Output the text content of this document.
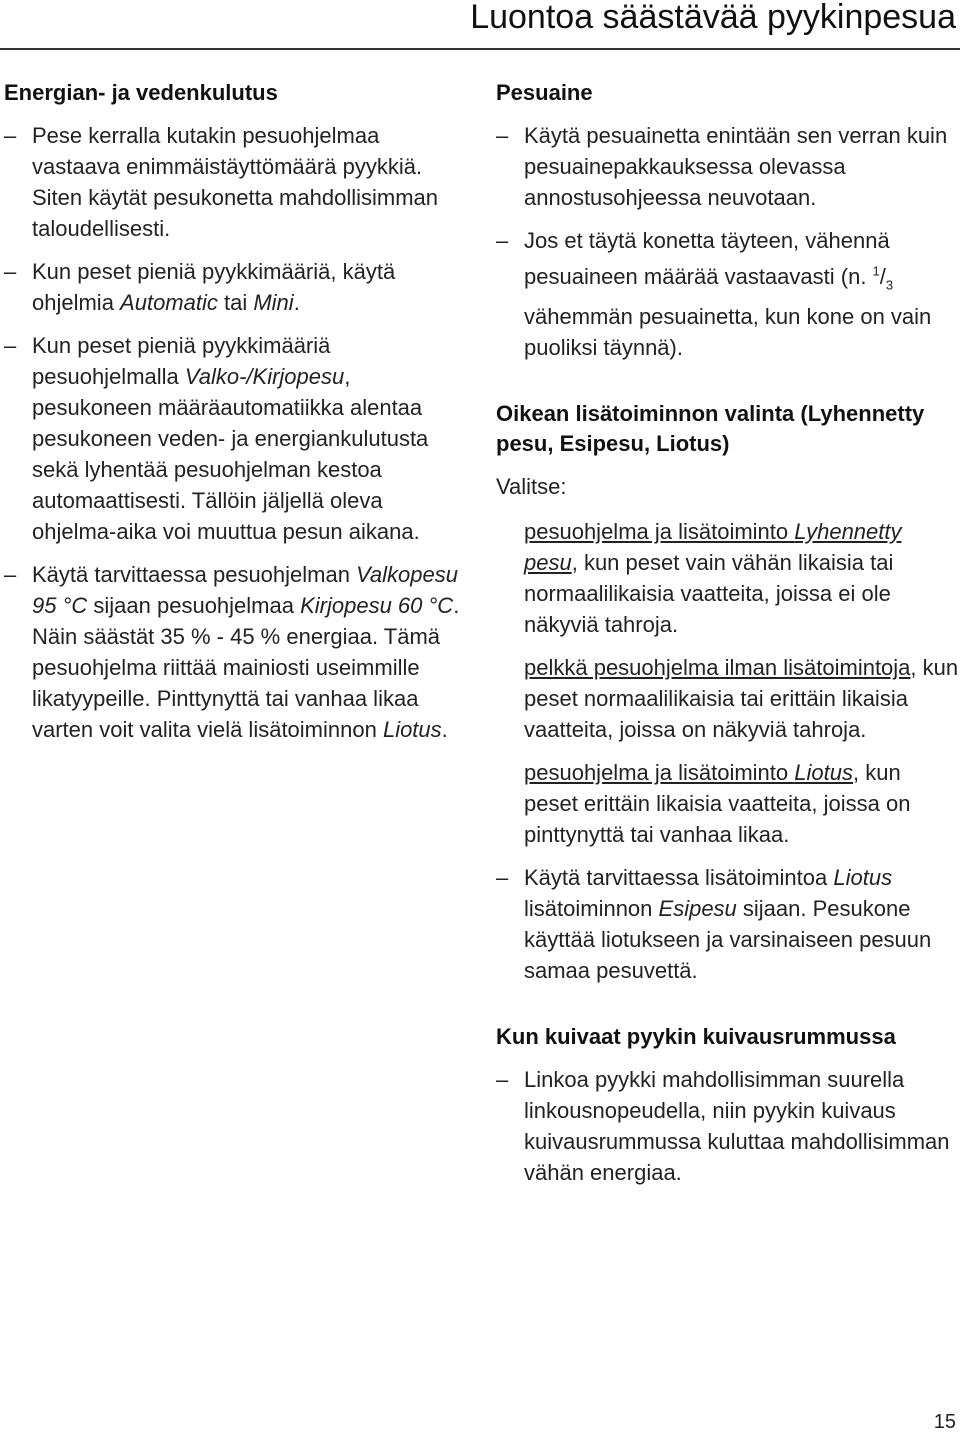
Luontoa säästävää pyykinpesua
Energian- ja vedenkulutus
– Pese kerralla kutakin pesuohjelmaa vastaava enimmäistäyttömäärä pyykkiä.
Siten käytät pesukonetta mahdollisimman taloudellisesti.
– Kun peset pieniä pyykkimääriä, käytä ohjelmia Automatic tai Mini.
– Kun peset pieniä pyykkimääriä pesuohjelmalla Valko-/Kirjopesu, pesukoneen määräautomatiikka alentaa pesukoneen veden- ja energiankulutusta sekä lyhentää pesuohjelman kestoa automaattisesti. Tällöin jäljellä oleva ohjelma-aika voi muuttua pesun aikana.
– Käytä tarvittaessa pesuohjelman Valkopesu 95 °C sijaan pesuohjelmaa Kirjopesu 60 °C. Näin säästät 35 % - 45 % energiaa. Tämä pesuohjelma riittää mainiosti useimmille likatyypeille. Pinttynyttä tai vanhaa likaa varten voit valita vielä lisätoiminnon Liotus.
Pesuaine
– Käytä pesuainetta enintään sen verran kuin pesuainepakkauksessa olevassa annostusohjeessa neuvotaan.
– Jos et täytä konetta täyteen, vähennä pesuaineen määrää vastaavasti (n. $^1/_3$ vähemmän pesuainetta, kun kone on vain puoliksi täynnä).
Oikean lisätoiminnon valinta (Lyhennetty pesu, Esipesu, Liotus)

Valitse:

pesuohjelma ja lisätoiminto Lyhennetty pesu, kun peset vain vähän likaisia tai normaalilikaisia vaatteita, joissa ei ole näkyviä tahroja.
pelkkä pesuohjelma ilman lisätoimintoja, kun peset normaalilikaisia tai erittäin likaisia vaatteita, joissa on näkyviä tahroja.
pesuohjelma ja lisätoiminto Liotus, kun peset erittäin likaisia vaatteita, joissa on pinttynyttä tai vanhaa likaa.
– Käytä tarvittaessa lisätoimintoa Liotus lisätoiminnon Esipesu sijaan. Pesukone käyttää liotukseen ja varsinaiseen pesuun samaa pesuvettä.
Kun kuivaat pyykin kuivausrummussa
– Linkoa pyykki mahdollisimman suurella linkousnopeudella, niin pyykin kuivaus kuivausrummussa kuluttaa mahdollisimman vähän energiaa.
15
